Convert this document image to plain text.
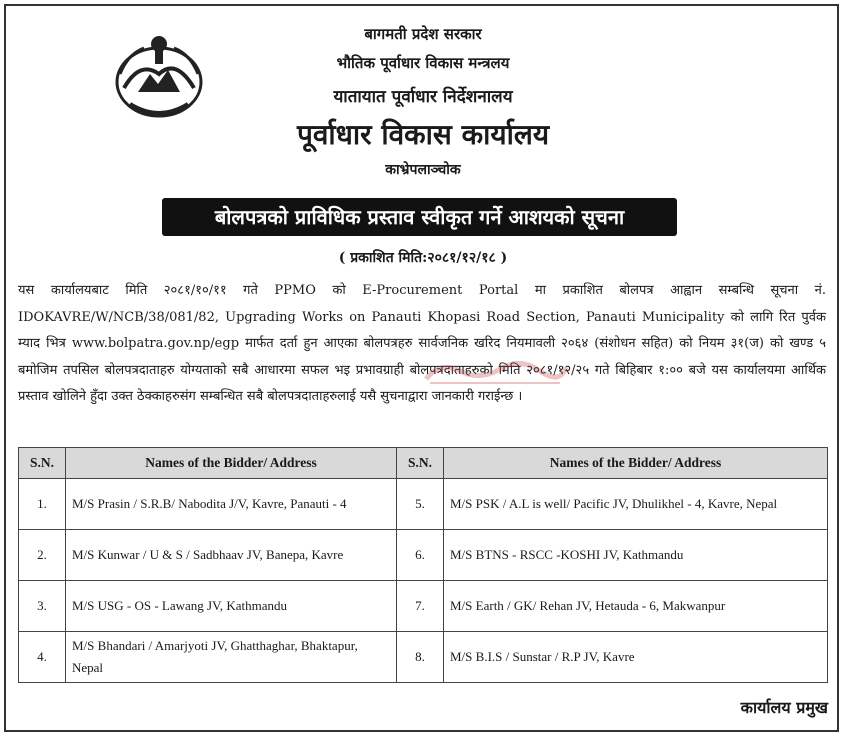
बागमती प्रदेश सरकार
भौतिक पूर्वाधार विकास मन्त्रलय
यातायात पूर्वाधार निर्देशनालय
पूर्वाधार विकास कार्यालय
काभ्रेपलाञ्चोक
बोलपत्रको प्राविधिक प्रस्ताव स्वीकृत गर्ने आशयको सूचना
( प्रकाशित मिति:२०८१/१२/१८ )

यस कार्यालयबाट मिति २०८१/१०/११ गते PPMO को E-Procurement Portal मा प्रकाशित बोलपत्र आह्वान सम्बन्धि सूचना नं. IDOKAVRE/W/NCB/38/081/82, Upgrading Works on Panauti Khopasi Road Section, Panauti Municipality को लागि रित पुर्वक म्याद भित्र www.bolpatra.gov.np/egp मार्फत दर्ता हुन आएका बोलपत्रहरु सार्वजनिक खरिद नियमावली २०६४ (संशोधन सहित) को नियम ३१(ज) को खण्ड ५ बमोजिम तपसिल बोलपत्रदाताहरु योग्यताको सबै आधारमा सफल भइ प्रभावग्राही बोलपत्रदाताहरुको मिति २०८१/१२/२५ गते बिहिबार १:०० बजे यस कार्यालयमा आर्थिक प्रस्ताव खोलिने हुँदा उक्त ठेक्काहरुसंग सम्बन्धित सबै बोलपत्रदाताहरुलाई यसै सुचनाद्वारा जानकारी गराईन्छ ।

S.N.	Names of the Bidder/ Address	S.N.	Names of the Bidder/ Address
1.	M/S Prasin / S.R.B/ Nabodita J/V, Kavre, Panauti - 4	5.	M/S PSK / A.L is well/ Pacific JV, Dhulikhel - 4, Kavre, Nepal
2.	M/S Kunwar / U & S / Sadbhaav JV, Banepa, Kavre	6.	M/S BTNS - RSCC -KOSHI JV, Kathmandu
3.	M/S USG - OS - Lawang JV, Kathmandu	7.	M/S Earth / GK/ Rehan JV, Hetauda - 6, Makwanpur
4.	M/S Bhandari / Amarjyoti JV, Ghatthaghar, Bhaktapur, Nepal	8.	M/S B.I.S / Sunstar / R.P JV, Kavre
कार्यालय प्रमुख
